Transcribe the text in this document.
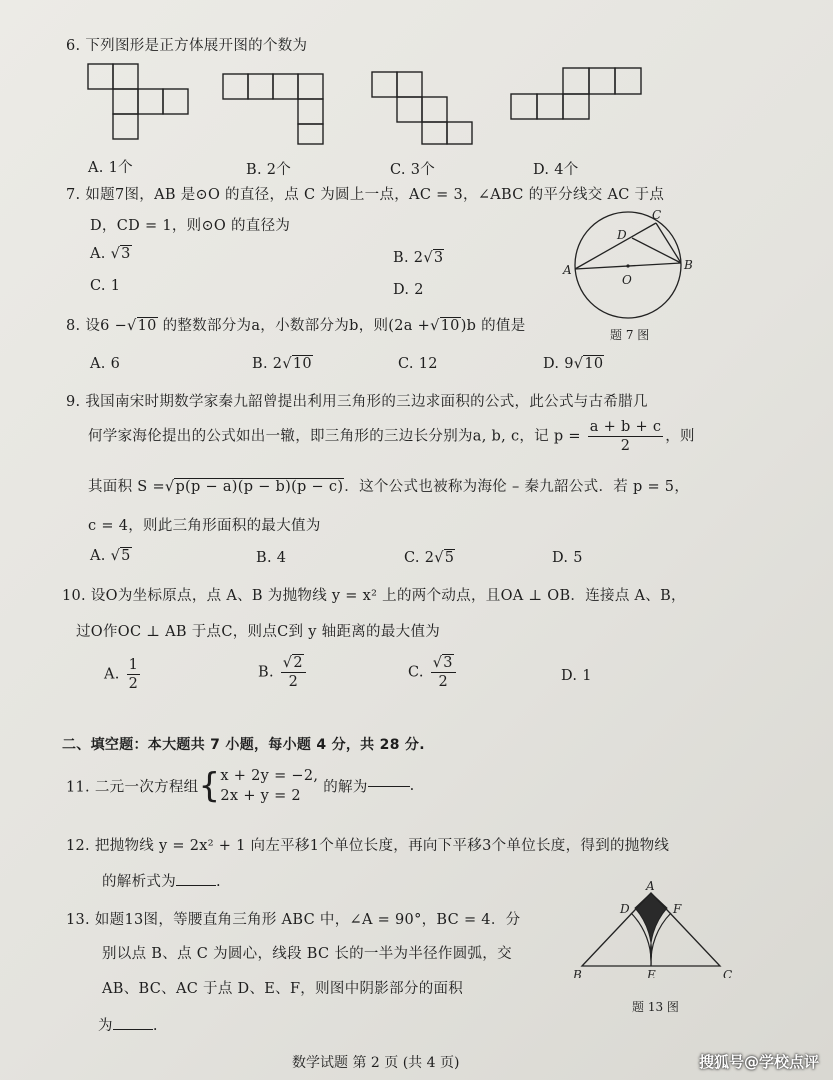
6. 下列图形是正方体展开图的个数为
A. 1个	B. 2个	C. 3个	D. 4个
7. 如题7图，AB 是⊙O 的直径，点 C 为圆上一点，AC = 3，∠ABC 的平分线交 AC 于点
D，CD = 1，则⊙O 的直径为
A. √3	B. 2√3
C. 1	D. 2
A	B
C
D
O
题 7 图
8. 设6 −√10 的整数部分为a，小数部分为b，则(2a +√10)b 的值是
A. 6	B. 2√10	C. 12	D. 9√10
9. 我国南宋时期数学家秦九韶曾提出利用三角形的三边求面积的公式，此公式与古希腊几
何学家海伦提出的公式如出一辙，即三角形的三边长分别为a, b, c，记 $p = \frac{a + b + c}{2}$ ，则
其面积 S =√p(p − a)(p − b)(p − c)．这个公式也被称为海伦 – 秦九韶公式．若 p = 5，
c = 4，则此三角形面积的最大值为
A. √5	B. 4	C. 2√5	D. 5
10. 设O为坐标原点，点 A、B 为抛物线 y = x² 上的两个动点，且OA ⊥ OB．连接点 A、B，
过O作OC ⊥ AB 于点C，则点C到 y 轴距离的最大值为
A. $\frac{1}{2}$	B. $\frac{√2}{2}$	C. $\frac{√3}{2}$	D. 1
二、填空题：本大题共 7 小题，每小题 4 分，共 28 分.
11. 二元一次方程组{ x + 2y = −2,
2x + y = 2
的解为	.
12. 把抛物线 y = 2x² + 1 向左平移1个单位长度，再向下平移3个单位长度，得到的抛物线
的解析式为	.
13. 如题13图，等腰直角三角形 ABC 中，∠A = 90°，BC = 4．分
别以点 B、点 C 为圆心，线段 BC 长的一半为半径作圆弧，交
AB、BC、AC 于点 D、E、F，则图中阴影部分的面积
为	.
A
B	C
D
E
F
题 13 图
数学试题 第 2 页 (共 4 页)	搜狐号@学校点评
